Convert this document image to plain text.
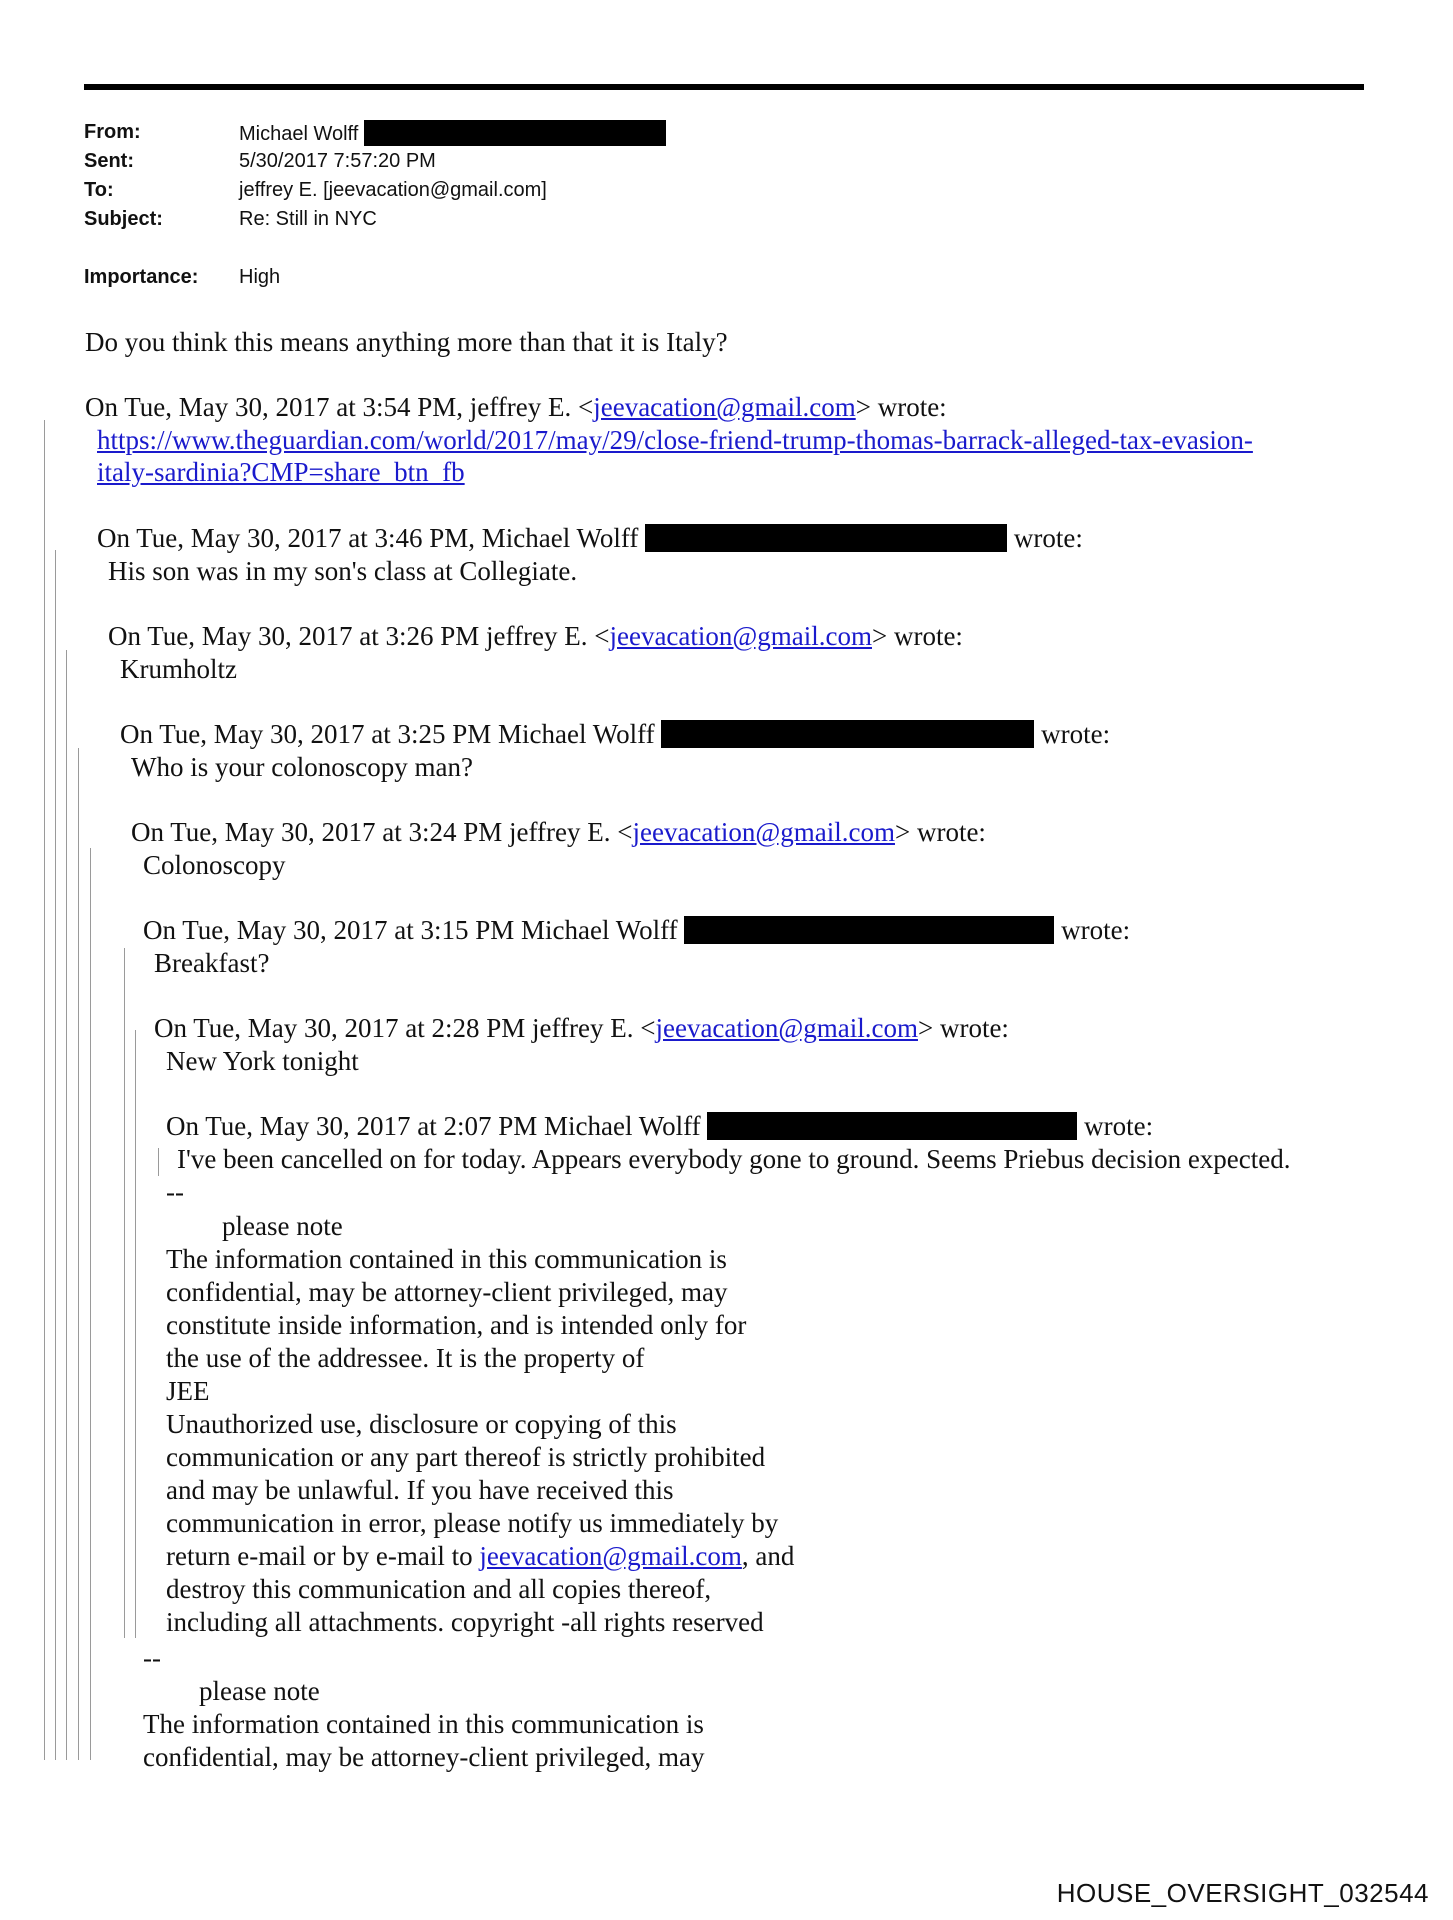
From:	Michael Wolff
Sent:	5/30/2017 7:57:20 PM
To:	jeffrey E. [jeevacation@gmail.com]
Subject:	Re: Still in NYC
Importance: High
Do you think this means anything more than that it is Italy?
On Tue, May 30, 2017 at 3:54 PM, jeffrey E. <jeevacation@gmail.com> wrote:
https://www.theguardian.com/world/2017/may/29/close-friend-trump-thomas-barrack-alleged-tax-evasion-
italy-sardinia?CMP=share_btn_fb
On Tue, May 30, 2017 at 3:46 PM, Michael Wolff	wrote:
His son was in my son's class at Collegiate.
On Tue, May 30, 2017 at 3:26 PM jeffrey E. <jeevacation@gmail.com> wrote:
Krumholtz
On Tue, May 30, 2017 at 3:25 PM Michael Wolff	wrote:
Who is your colonoscopy man?
On Tue, May 30, 2017 at 3:24 PM jeffrey E. <jeevacation@gmail.com> wrote:
Colonoscopy
On Tue, May 30, 2017 at 3:15 PM Michael Wolff	wrote:
Breakfast?
On Tue, May 30, 2017 at 2:28 PM jeffrey E. <jeevacation@gmail.com> wrote:
New York tonight
On Tue, May 30, 2017 at 2:07 PM Michael Wolff	wrote:
I've been cancelled on for today. Appears everybody gone to ground. Seems Priebus decision expected.
--
please note
The information contained in this communication is
confidential, may be attorney-client privileged, may
constitute inside information, and is intended only for
the use of the addressee. It is the property of
JEE
Unauthorized use, disclosure or copying of this
communication or any part thereof is strictly prohibited
and may be unlawful. If you have received this
communication in error, please notify us immediately by
return e-mail or by e-mail to jeevacation@gmail.com, and
destroy this communication and all copies thereof,
including all attachments. copyright -all rights reserved
--
please note
The information contained in this communication is
confidential, may be attorney-client privileged, may
HOUSE_OVERSIGHT_032544
